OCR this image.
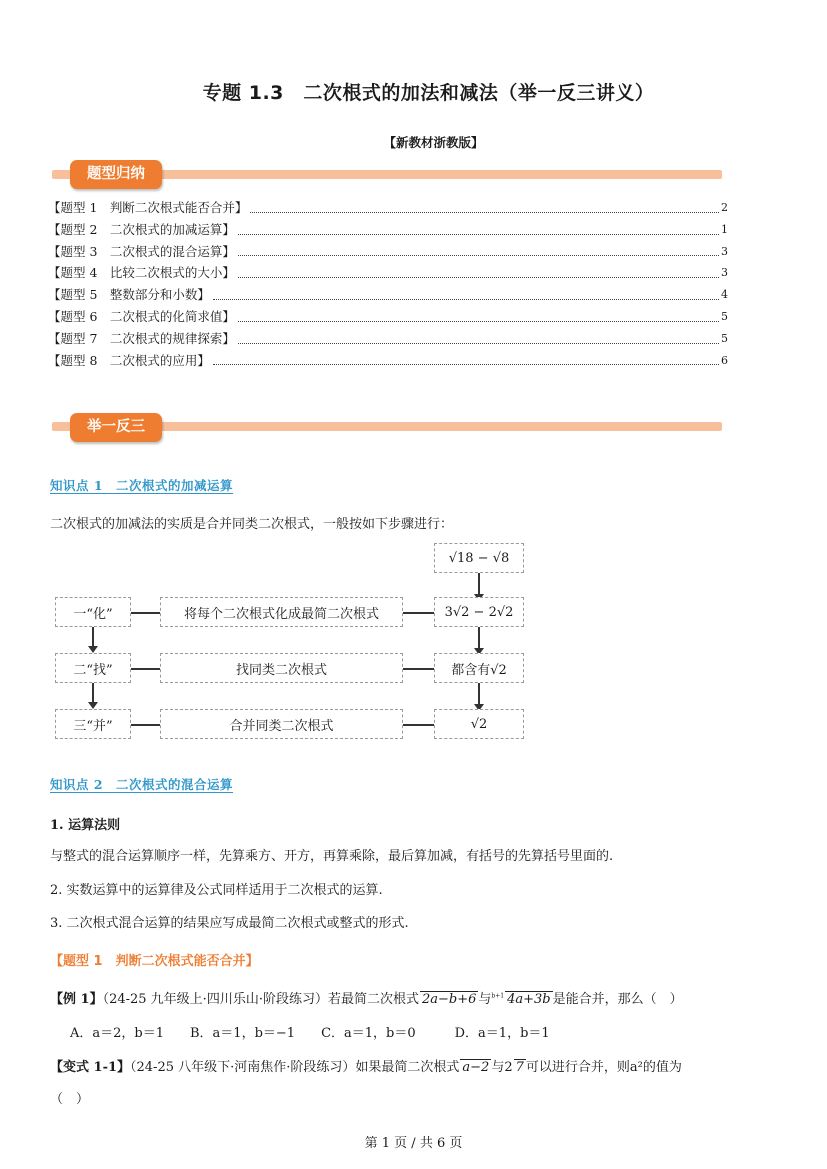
专题 1.3　二次根式的加法和减法（举一反三讲义）
【新教材浙教版】
题型归纳
【题型 1　判断二次根式能否合并】	2
【题型 2　二次根式的加减运算】	1
【题型 3　二次根式的混合运算】	3
【题型 4　比较二次根式的大小】	3
【题型 5　整数部分和小数】	4
【题型 6　二次根式的化简求值】	5
【题型 7　二次根式的规律探索】	5
【题型 8　二次根式的应用】	6
举一反三
知识点 1　二次根式的加减运算
二次根式的加减法的实质是合并同类二次根式，一般按如下步骤进行：
√18 − √8
一“化”	将每个二次根式化成最简二次根式	3√2 − 2√2
二“找”	找同类二次根式	都含有√2
三“并”	合并同类二次根式	√2
知识点 2　二次根式的混合运算
1. 运算法则
与整式的混合运算顺序一样，先算乘方、开方，再算乘除，最后算加减，有括号的先算括号里面的.
2. 实数运算中的运算律及公式同样适用于二次根式的运算.
3. 二次根式混合运算的结果应写成最简二次根式或整式的形式.
【题型 1　判断二次根式能否合并】
【例 1】（24-25 九年级上·四川乐山·阶段练习）若最简二次根式 2a−b+6 与$^{b+1}$ 4a+3b 是能合并，那么（　）
A．a＝2，b＝1　　B．a＝1，b＝−1　　C．a＝1，b＝0　　　D．a＝1，b＝1
【变式 1-1】（24-25 八年级下·河南焦作·阶段练习）如果最简二次根式 a−2 与2 7 可以进行合并，则a²的值为
（　）
第 1 页 / 共 6 页
